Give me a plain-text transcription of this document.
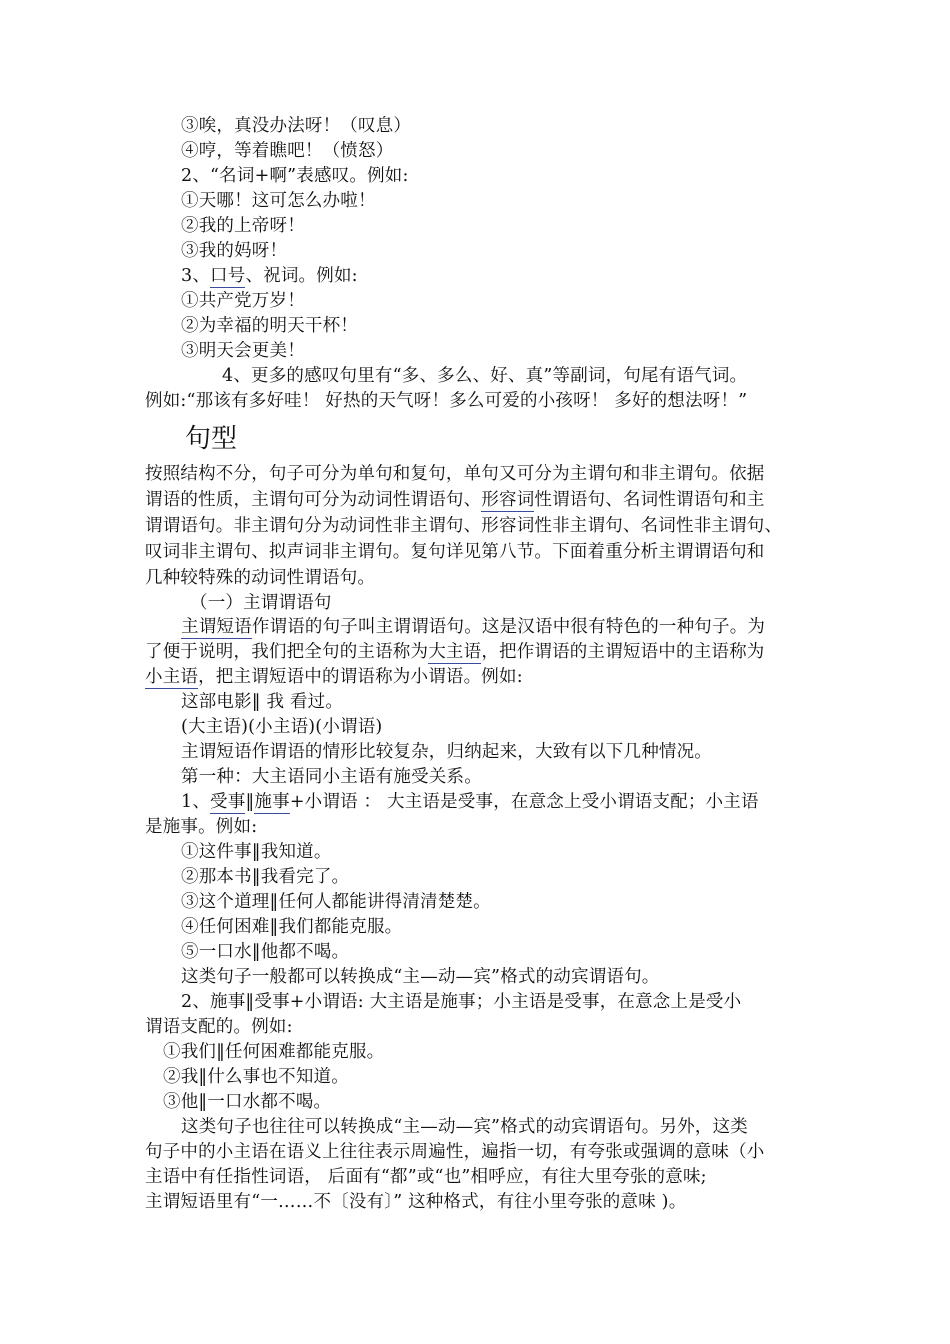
③唉，真没办法呀！（叹息）
④哼，等着瞧吧！（愤怒）
2、“名词+啊”表感叹。例如:
①天哪！这可怎么办啦！
②我的上帝呀！
③我的妈呀！
3、口号、祝词。例如:
①共产党万岁！
②为幸福的明天干杯！
③明天会更美！
4、更多的感叹句里有“多、多么、好、真”等副词，句尾有语气词。
例如:“那该有多好哇！ 好热的天气呀！多么可爱的小孩呀！ 多好的想法呀！”
句型
按照结构不分，句子可分为单句和复句，单句又可分为主谓句和非主谓句。依据
谓语的性质，主谓句可分为动词性谓语句、形容词性谓语句、名词性谓语句和主
谓谓语句。非主谓句分为动词性非主谓句、形容词性非主谓句、名词性非主谓句、
叹词非主谓句、拟声词非主谓句。复句详见第八节。下面着重分析主谓谓语句和
几种较特殊的动词性谓语句。
（一）主谓谓语句
主谓短语作谓语的句子叫主谓谓语句。这是汉语中很有特色的一种句子。为
了便于说明，我们把全句的主语称为大主语，把作谓语的主谓短语中的主语称为
小主语，把主谓短语中的谓语称为小谓语。例如:
这部电影‖ 我 看过。
(大主语)(小主语)(小谓语)
主谓短语作谓语的情形比较复杂，归纳起来，大致有以下几种情况。
第一种：大主语同小主语有施受关系。
1、受事‖施事+小谓语 ： 大主语是受事，在意念上受小谓语支配；小主语
是施事。例如:
①这件事‖我知道。
②那本书‖我看完了。
③这个道理‖任何人都能讲得清清楚楚。
④任何困难‖我们都能克服。
⑤一口水‖他都不喝。
这类句子一般都可以转换成“主—动—宾”格式的动宾谓语句。
2、施事‖受事+小谓语: 大主语是施事；小主语是受事，在意念上是受小
谓语支配的。例如:
①我们‖任何困难都能克服。
②我‖什么事也不知道。
③他‖一口水都不喝。
这类句子也往往可以转换成“主—动—宾”格式的动宾谓语句。另外，这类
句子中的小主语在语义上往往表示周遍性，遍指一切，有夸张或强调的意味（小
主语中有任指性词语， 后面有“都”或“也”相呼应，有往大里夸张的意味;
主谓短语里有“一……不〔没有〕” 这种格式，有往小里夸张的意味 )。
